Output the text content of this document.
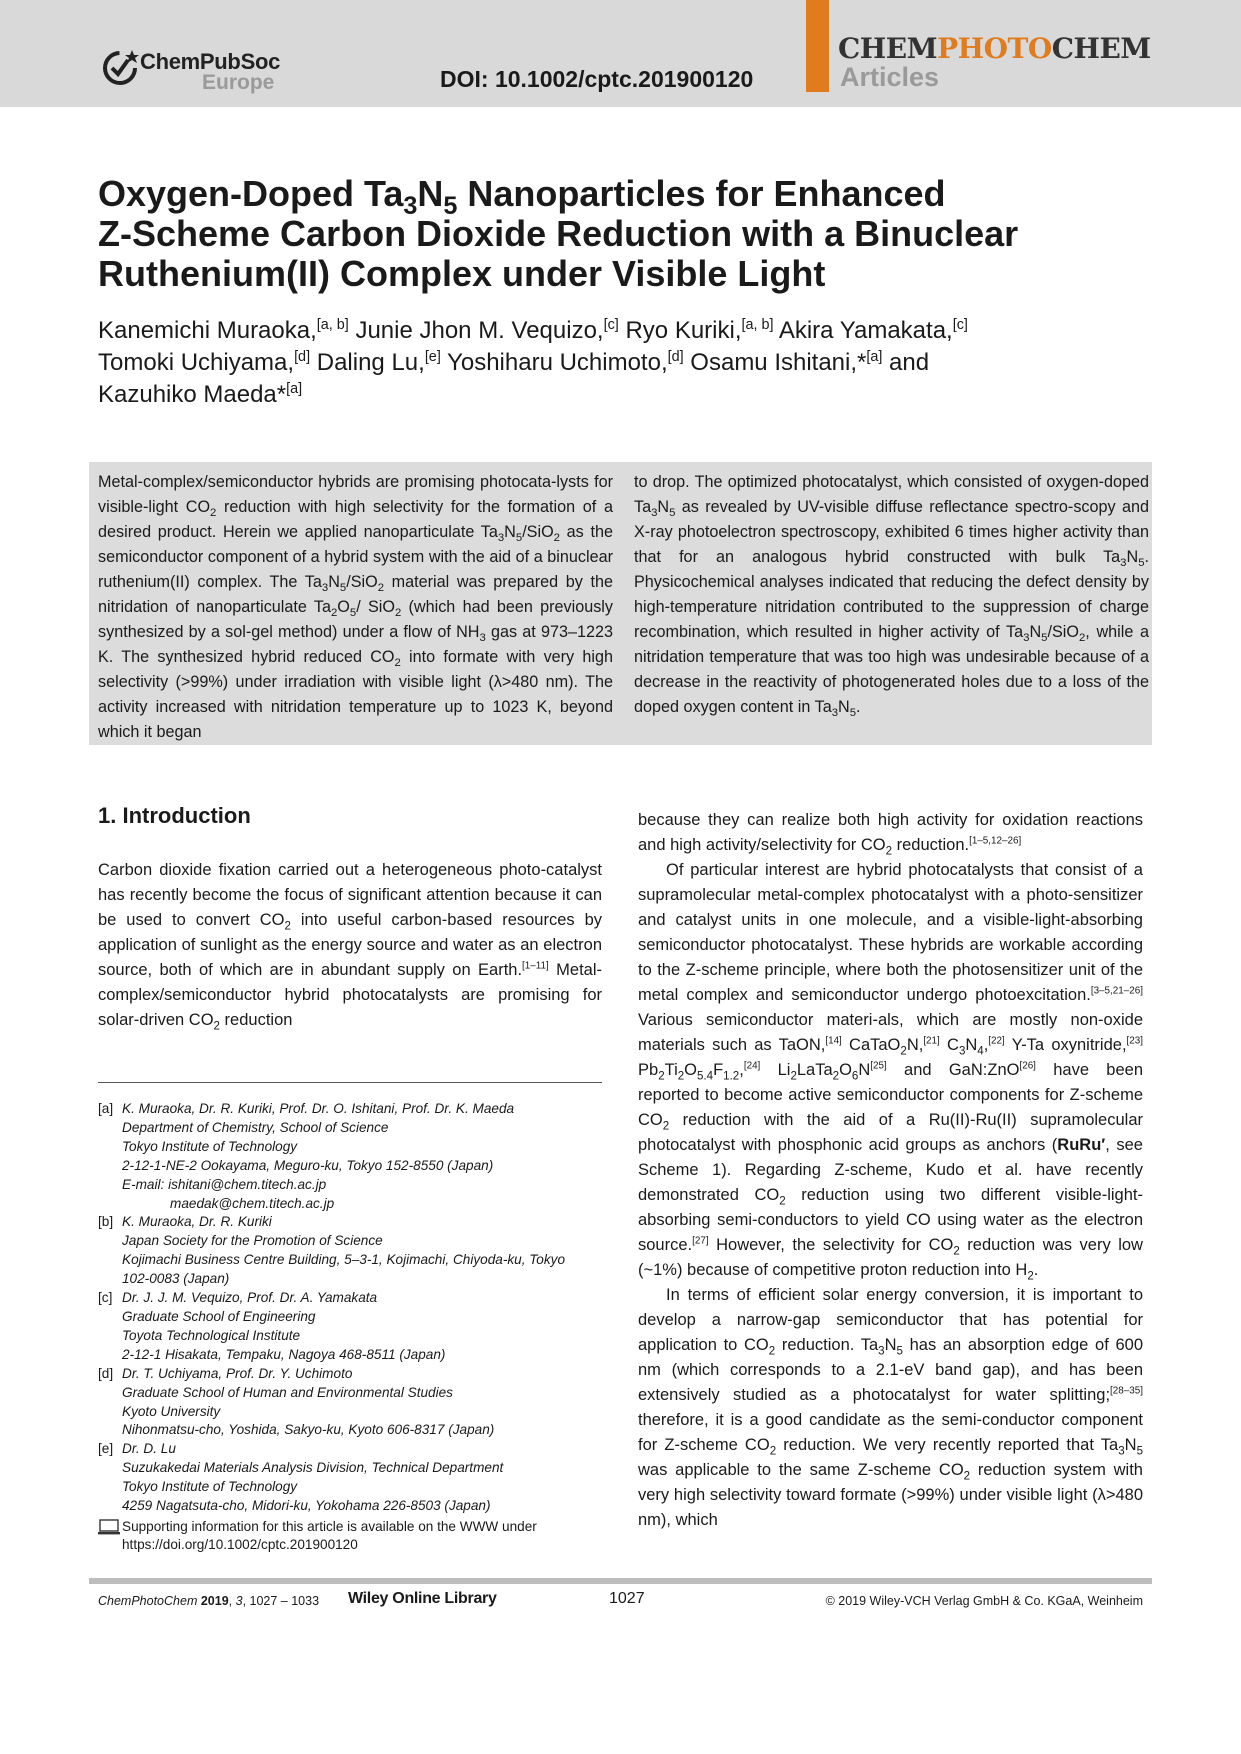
ChemPubSoc
Europe	DOI: 10.1002/cptc.201900120
CHEMPHOTOCHEM
Articles
Oxygen-Doped $Ta_3N_5$ Nanoparticles for Enhanced
Z-Scheme Carbon Dioxide Reduction with a Binuclear
Ruthenium(II) Complex under Visible Light
Kanemichi Muraoka,[a, b] Junie Jhon M. Vequizo,[c] Ryo Kuriki,[a, b] Akira Yamakata,[c]
Tomoki Uchiyama,[d] Daling Lu,[e] Yoshiharu Uchimoto,[d] Osamu Ishitani,*[a] and
Kazuhiko Maeda*[a]
Metal-complex/semiconductor hybrids are promising photocata-lysts for visible-light $CO_2$ reduction with high selectivity for the formation of a desired product. Herein we applied nanoparticulate $Ta_3N_5/SiO_2$ as the semiconductor component of a hybrid system with the aid of a binuclear ruthenium(II) complex. The $Ta_3N_5/SiO_2$ material was prepared by the nitridation of nanoparticulate $Ta_2O_5/$ SiO$_2$ (which had been previously synthesized by a sol-gel method) under a flow of $NH_3$ gas at 973–1223 K. The synthesized hybrid reduced $CO_2$ into formate with very high selectivity (>99%) under irradiation with visible light (λ>480 nm). The activity increased with nitridation temperature up to 1023 K, beyond which it began
to drop. The optimized photocatalyst, which consisted of oxygen-doped $Ta_3N_5$ as revealed by UV-visible diffuse reflectance spectro-scopy and X-ray photoelectron spectroscopy, exhibited 6 times higher activity than that for an analogous hybrid constructed with bulk $Ta_3N_5$. Physicochemical analyses indicated that reducing the defect density by high-temperature nitridation contributed to the suppression of charge recombination, which resulted in higher activity of $Ta_3N_5/SiO_2$, while a nitridation temperature that was too high was undesirable because of a decrease in the reactivity of photogenerated holes due to a loss of the doped oxygen content in $Ta_3N_5$.
1. Introduction

Carbon dioxide fixation carried out a heterogeneous photo-catalyst has recently become the focus of significant attention because it can be used to convert $CO_2$ into useful carbon-based resources by application of sunlight as the energy source and water as an electron source, both of which are in abundant supply on Earth.[1–11] Metal-complex/semiconductor hybrid photocatalysts are promising for solar-driven $CO_2$ reduction

[a] K. Muraoka, Dr. R. Kuriki, Prof. Dr. O. Ishitani, Prof. Dr. K. Maeda
Department of Chemistry, School of Science
Tokyo Institute of Technology
2-12-1-NE-2 Ookayama, Meguro-ku, Tokyo 152-8550 (Japan)
E-mail: ishitani@chem.titech.ac.jp
maedak@chem.titech.ac.jp
[b] K. Muraoka, Dr. R. Kuriki
Japan Society for the Promotion of Science
Kojimachi Business Centre Building, 5–3-1, Kojimachi, Chiyoda-ku, Tokyo
102-0083 (Japan)
[c] Dr. J. J. M. Vequizo, Prof. Dr. A. Yamakata
Graduate School of Engineering
Toyota Technological Institute
2-12-1 Hisakata, Tempaku, Nagoya 468-8511 (Japan)
[d] Dr. T. Uchiyama, Prof. Dr. Y. Uchimoto
Graduate School of Human and Environmental Studies
Kyoto University
Nihonmatsu-cho, Yoshida, Sakyo-ku, Kyoto 606-8317 (Japan)
[e] Dr. D. Lu
Suzukakedai Materials Analysis Division, Technical Department
Tokyo Institute of Technology
4259 Nagatsuta-cho, Midori-ku, Yokohama 226-8503 (Japan)
Supporting information for this article is available on the WWW under https://doi.org/10.1002/cptc.201900120

because they can realize both high activity for oxidation reactions and high activity/selectivity for $CO_2$ reduction.[1–5,12–26]

Of particular interest are hybrid photocatalysts that consist of a supramolecular metal-complex photocatalyst with a photo-sensitizer and catalyst units in one molecule, and a visible-light-absorbing semiconductor photocatalyst. These hybrids are workable according to the Z-scheme principle, where both the photosensitizer unit of the metal complex and semiconductor undergo photoexcitation.[3–5,21–26] Various semiconductor materi-als, which are mostly non-oxide materials such as TaON,[14] CaTaO$_2$N,[21] $C_3N_4,[22]$ Y-Ta oxynitride,[23] $Pb_2Ti_2O_{5.4}F_{1.2},[24]$ $Li_2LaTa_2O_6N[25]$ and GaN:ZnO[26] have been reported to become active semiconductor components for Z-scheme $CO_2$ reduction with the aid of a Ru(II)-Ru(II) supramolecular photocatalyst with phosphonic acid groups as anchors (RuRu′, see Scheme 1). Regarding Z-scheme, Kudo et al. have recently demonstrated $CO_2$ reduction using two different visible-light-absorbing semi-conductors to yield CO using water as the electron source.[27] However, the selectivity for $CO_2$ reduction was very low (~1%) because of competitive proton reduction into $H_2$.

In terms of efficient solar energy conversion, it is important to develop a narrow-gap semiconductor that has potential for application to $CO_2$ reduction. $Ta_3N_5$ has an absorption edge of 600 nm (which corresponds to a 2.1-eV band gap), and has been extensively studied as a photocatalyst for water splitting;[28–35] therefore, it is a good candidate as the semi-conductor component for Z-scheme $CO_2$ reduction. We very recently reported that $Ta_3N_5$ was applicable to the same Z-scheme $CO_2$ reduction system with very high selectivity toward formate (>99%) under visible light (λ>480 nm), which

ChemPhotoChem 2019, 3, 1027 – 1033 Wiley Online Library	1027	© 2019 Wiley-VCH Verlag GmbH & Co. KGaA, Weinheim
